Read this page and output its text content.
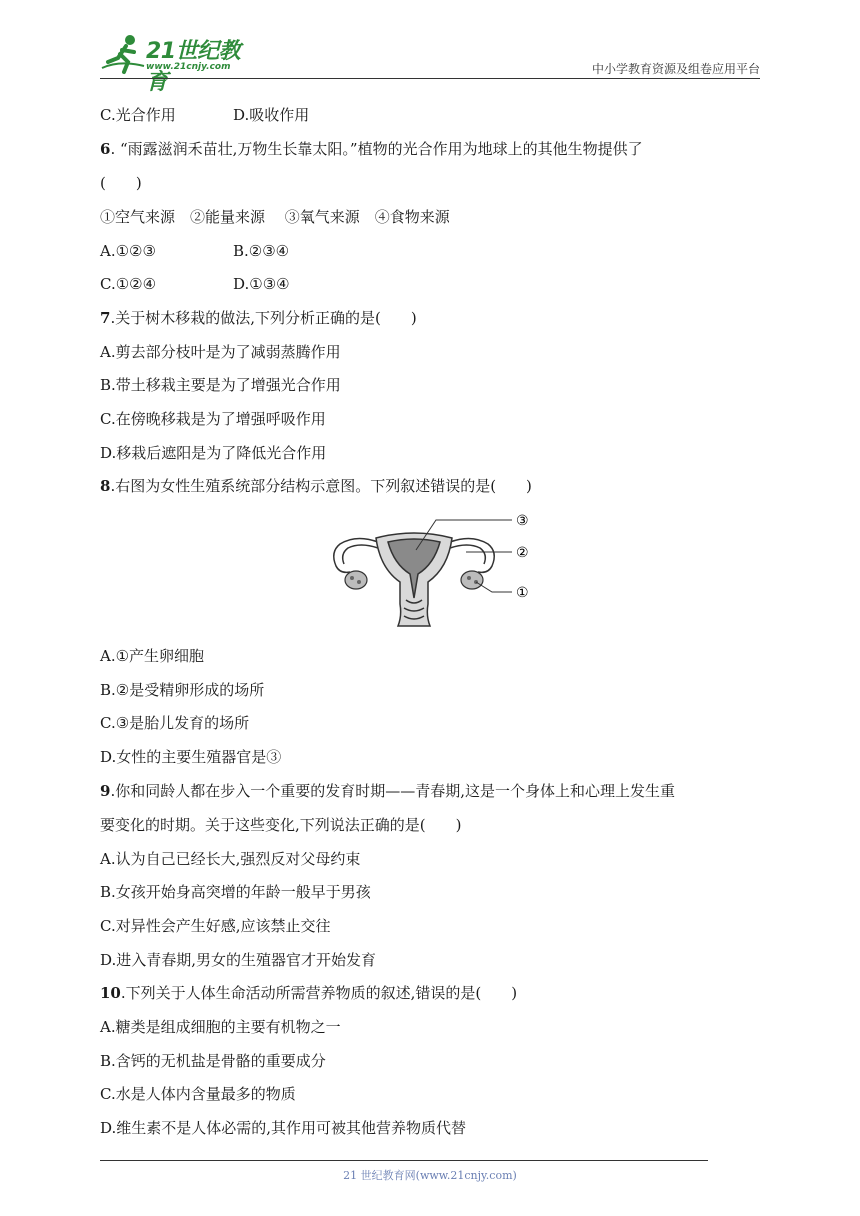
21世纪教育
www.21cnjy.com	中小学教育资源及组卷应用平台
C.光合作用	D.吸收作用
6. “雨露滋润禾苗壮,万物生长靠太阳。”植物的光合作用为地球上的其他生物提供了
(　　)
①空气来源　②能量来源　 ③氧气来源　④食物来源
A.①②③	B.②③④
C.①②④	D.①③④
7.关于树木移栽的做法,下列分析正确的是(　　)
A.剪去部分枝叶是为了减弱蒸腾作用
B.带土移栽主要是为了增强光合作用
C.在傍晚移栽是为了增强呼吸作用
D.移栽后遮阳是为了降低光合作用
8.右图为女性生殖系统部分结构示意图。下列叙述错误的是(　　)
A.①产生卵细胞
B.②是受精卵形成的场所
C.③是胎儿发育的场所
D.女性的主要生殖器官是③
9.你和同龄人都在步入一个重要的发育时期——青春期,这是一个身体上和心理上发生重
要变化的时期。关于这些变化,下列说法正确的是(　　)
A.认为自己已经长大,强烈反对父母约束
B.女孩开始身高突增的年龄一般早于男孩
C.对异性会产生好感,应该禁止交往
D.进入青春期,男女的生殖器官才开始发育
10.下列关于人体生命活动所需营养物质的叙述,错误的是(　　)
A.糖类是组成细胞的主要有机物之一
B.含钙的无机盐是骨骼的重要成分
C.水是人体内含量最多的物质
D.维生素不是人体必需的,其作用可被其他营养物质代替
③
②
①
21 世纪教育网(www.21cnjy.com)
